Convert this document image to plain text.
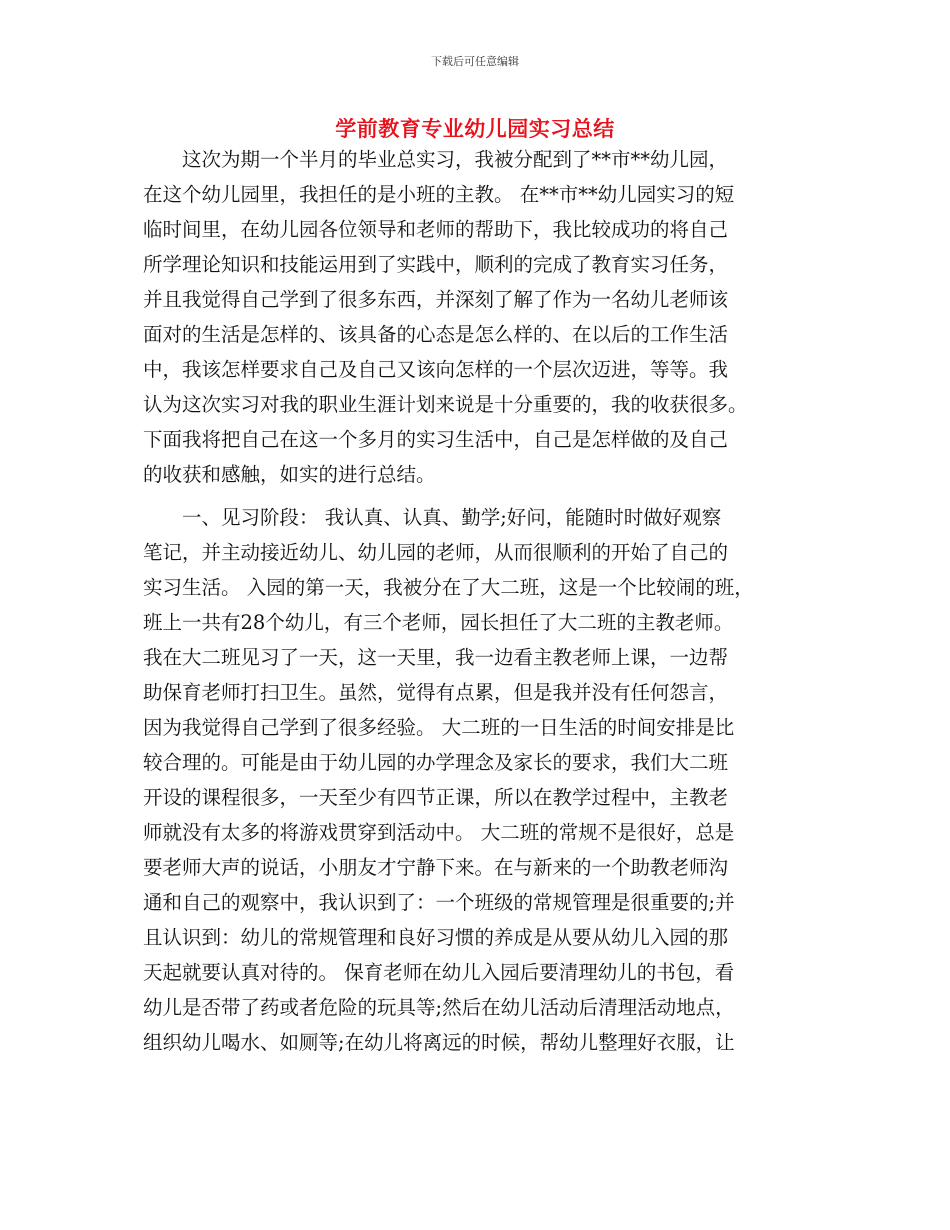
下载后可任意编辑
学前教育专业幼儿园实习总结
　　这次为期一个半月的毕业总实习，我被分配到了**市**幼儿园，
在这个幼儿园里，我担任的是小班的主教。 在**市**幼儿园实习的短
临时间里，在幼儿园各位领导和老师的帮助下，我比较成功的将自己
所学理论知识和技能运用到了实践中，顺利的完成了教育实习任务，
并且我觉得自己学到了很多东西，并深刻了解了作为一名幼儿老师该
面对的生活是怎样的、该具备的心态是怎么样的、在以后的工作生活
中，我该怎样要求自己及自己又该向怎样的一个层次迈进，等等。我
认为这次实习对我的职业生涯计划来说是十分重要的，我的收获很多。
下面我将把自己在这一个多月的实习生活中，自己是怎样做的及自己
的收获和感触，如实的进行总结。
　　一、见习阶段： 我认真、认真、勤学;好问，能随时时做好观察
笔记，并主动接近幼儿、幼儿园的老师，从而很顺利的开始了自己的
实习生活。 入园的第一天，我被分在了大二班，这是一个比较闹的班，
班上一共有28个幼儿，有三个老师，园长担任了大二班的主教老师。
我在大二班见习了一天，这一天里，我一边看主教老师上课，一边帮
助保育老师打扫卫生。虽然，觉得有点累，但是我并没有任何怨言，
因为我觉得自己学到了很多经验。 大二班的一日生活的时间安排是比
较合理的。可能是由于幼儿园的办学理念及家长的要求，我们大二班
开设的课程很多，一天至少有四节正课，所以在教学过程中，主教老
师就没有太多的将游戏贯穿到活动中。 大二班的常规不是很好，总是
要老师大声的说话，小朋友才宁静下来。在与新来的一个助教老师沟
通和自己的观察中，我认识到了：一个班级的常规管理是很重要的;并
且认识到：幼儿的常规管理和良好习惯的养成是从要从幼儿入园的那
天起就要认真对待的。 保育老师在幼儿入园后要清理幼儿的书包，看
幼儿是否带了药或者危险的玩具等;然后在幼儿活动后清理活动地点，
组织幼儿喝水、如厕等;在幼儿将离远的时候，帮幼儿整理好衣服，让
